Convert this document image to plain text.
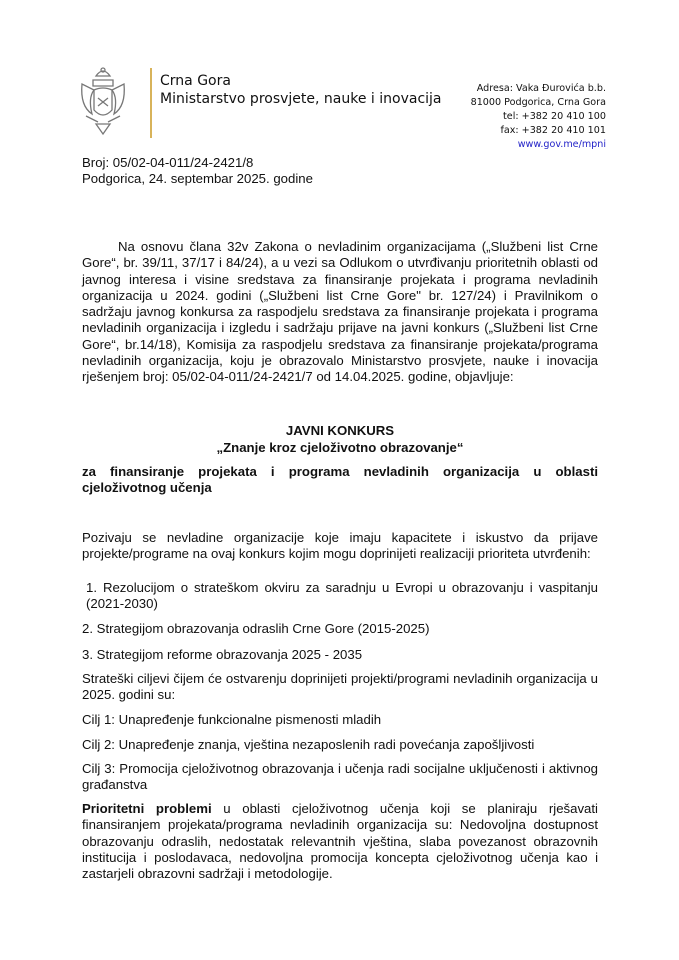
Crna Gora
Ministarstvo prosvjete, nauke i inovacija
Adresa: Vaka Đurovića b.b.
81000 Podgorica, Crna Gora
tel: +382 20 410 100
fax: +382 20 410 101
www.gov.me/mpni
Broj: 05/02-04-011/24-2421/8
Podgorica, 24. septembar 2025. godine
Na osnovu člana 32v Zakona o nevladinim organizacijama („Službeni list Crne Gore“, br. 39/11, 37/17 i 84/24), a u vezi sa Odlukom o utvrđivanju prioritetnih oblasti od javnog interesa i visine sredstava za finansiranje projekata i programa nevladinih organizacija u 2024. godini („Službeni list Crne Gore" br. 127/24) i Pravilnikom o sadržaju javnog konkursa za raspodjelu sredstava za finansiranje projekata i programa nevladinih organizacija i izgledu i sadržaju prijave na javni konkurs („Službeni list Crne Gore“, br.14/18), Komisija za raspodjelu sredstava za finansiranje projekata/programa nevladinih organizacija, koju je obrazovalo Ministarstvo prosvjete, nauke i inovacija rješenjem broj: 05/02-04-011/24-2421/7 od 14.04.2025. godine, objavljuje:
JAVNI KONKURS
„Znanje kroz cjeloživotno obrazovanje“
za finansiranje projekata i programa nevladinih organizacija u oblasti cjeloživotnog učenja
Pozivaju se nevladine organizacije koje imaju kapacitete i iskustvo da prijave projekte/programe na ovaj konkurs kojim mogu doprinijeti realizaciji prioriteta utvrđenih:
1. Rezolucijom o strateškom okviru za saradnju u Evropi u obrazovanju i vaspitanju (2021-2030)
2. Strategijom obrazovanja odraslih Crne Gore (2015-2025)
3. Strategijom reforme obrazovanja 2025 - 2035
Strateški ciljevi čijem će ostvarenju doprinijeti projekti/programi nevladinih organizacija u 2025. godini su:
Cilj 1: Unapređenje funkcionalne pismenosti mladih
Cilj 2: Unapređenje znanja, vještina nezaposlenih radi povećanja zapošljivosti
Cilj 3: Promocija cjeloživotnog obrazovanja i učenja radi socijalne uključenosti i aktivnog građanstva
Prioritetni problemi u oblasti cjeloživotnog učenja koji se planiraju rješavati finansiranjem projekata/programa nevladinih organizacija su: Nedovoljna dostupnost obrazovanju odraslih, nedostatak relevantnih vještina, slaba povezanost obrazovnih institucija i poslodavaca, nedovoljna promocija koncepta cjeloživotnog učenja kao i zastarjeli obrazovni sadržaji i metodologije.
